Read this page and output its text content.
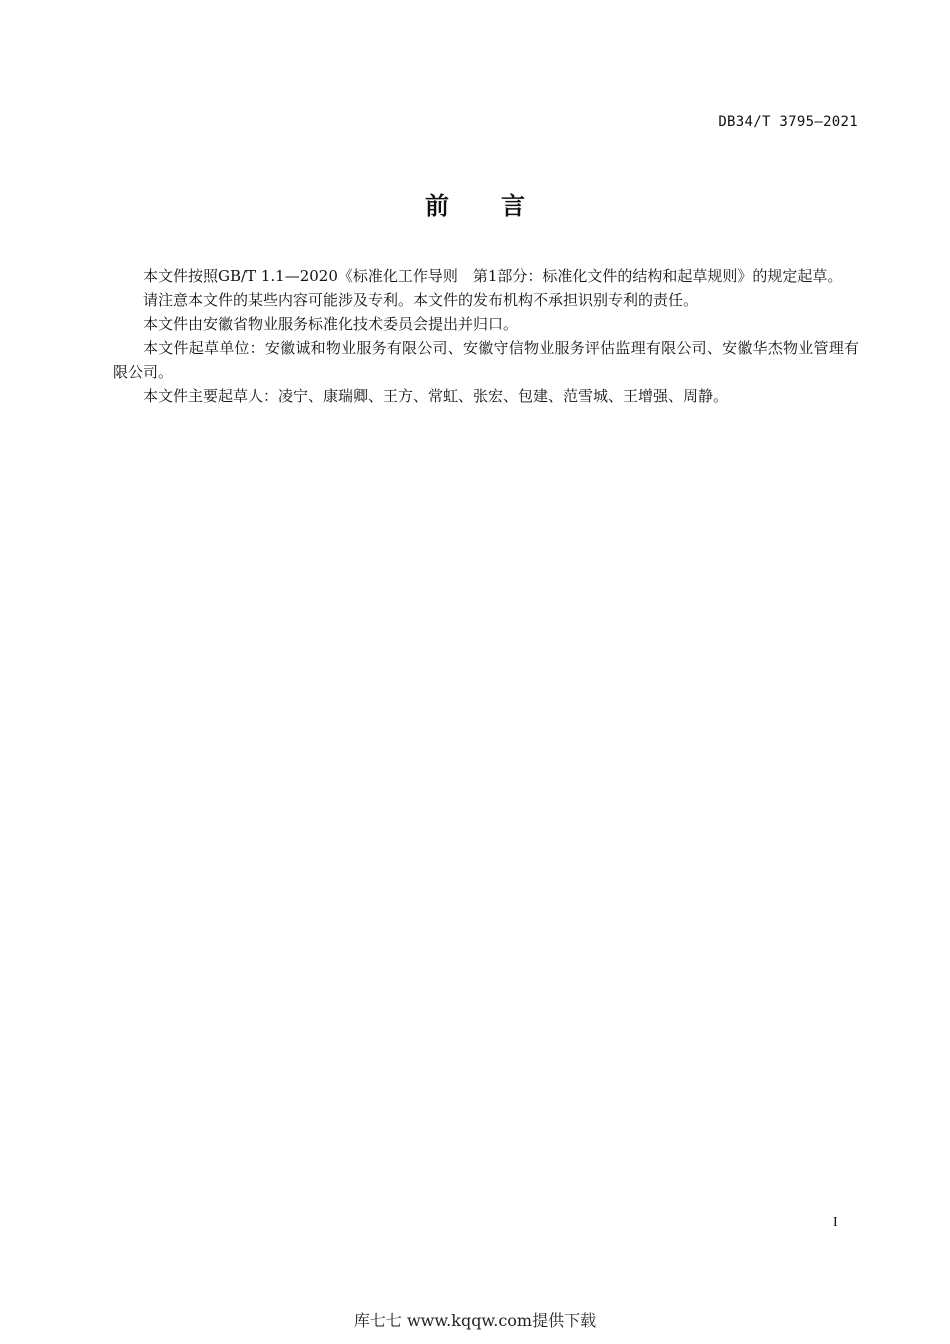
DB34/T 3795—2021
前言

本文件按照GB/T 1.1—2020《标准化工作导则　第1部分：标准化文件的结构和起草规则》的规定起草。

请注意本文件的某些内容可能涉及专利。本文件的发布机构不承担识别专利的责任。

本文件由安徽省物业服务标准化技术委员会提出并归口。

本文件起草单位：安徽诚和物业服务有限公司、安徽守信物业服务评估监理有限公司、安徽华杰物业管理有限公司。

本文件主要起草人：凌宁、康瑞卿、王方、常虹、张宏、包建、范雪城、王增强、周静。

I
库七七 www.kqqw.com提供下载
